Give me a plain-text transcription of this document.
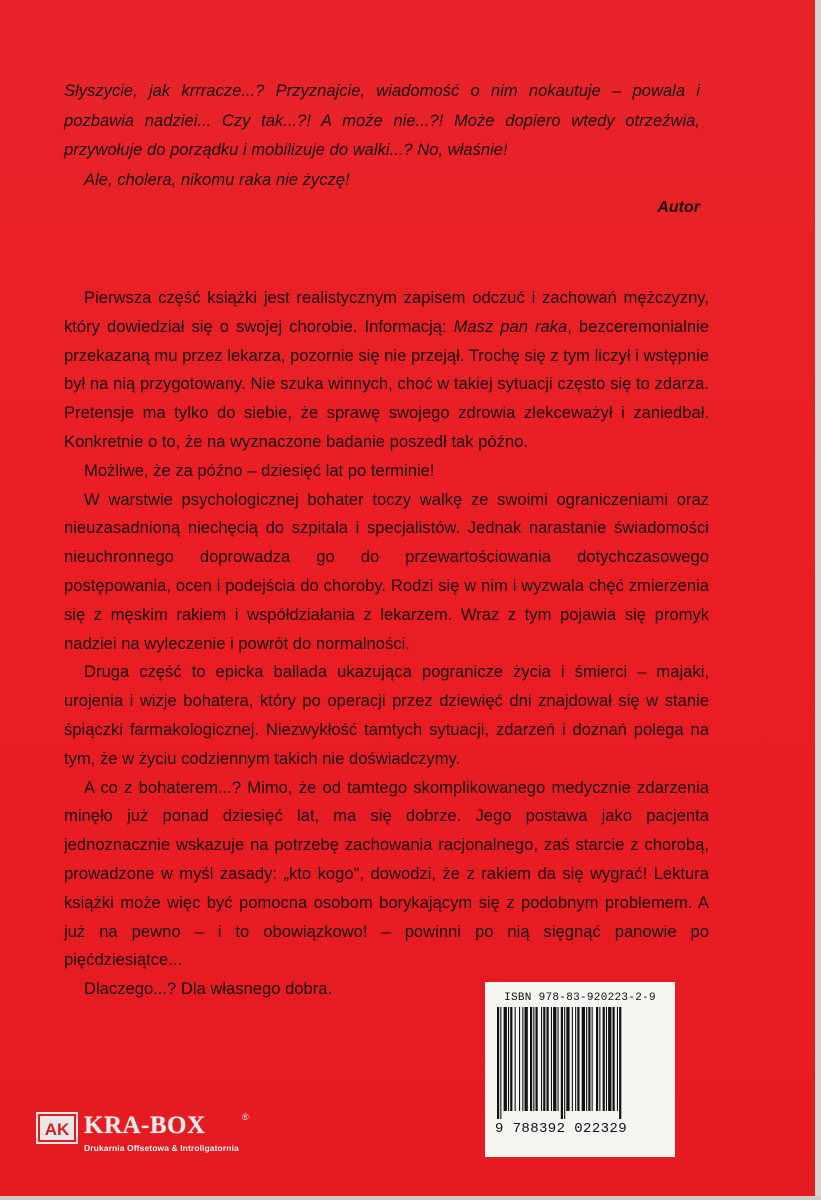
Słyszycie, jak krrracze...? Przyznajcie, wiadomość o nim nokautuje – powala i pozbawia nadziei... Czy tak...?! A może nie...?! Może dopiero wtedy otrzeźwia, przywołuje do porządku i mobilizuje do walki...? No, właśnie!

Ale, cholera, nikomu raka nie życzę!

Autor

Pierwsza część książki jest realistycznym zapisem odczuć i zachowań mężczyzny, który dowiedział się o swojej chorobie. Informacją: Masz pan raka, bezceremonialnie przekazaną mu przez lekarza, pozornie się nie przejął. Trochę się z tym liczył i wstępnie był na nią przygotowany. Nie szuka winnych, choć w takiej sytuacji często się to zdarza. Pretensje ma tylko do siebie, że sprawę swojego zdrowia zlekceważył i zaniedbał. Konkretnie o to, że na wyznaczone badanie poszedł tak późno.

Możliwe, że za późno – dziesięć lat po terminie!

W warstwie psychologicznej bohater toczy walkę ze swoimi ograniczeniami oraz nieuzasadnioną niechęcią do szpitala i specjalistów. Jednak narastanie świadomości nieuchronnego doprowadza go do przewartościowania dotychczasowego postępowania, ocen i podejścia do choroby. Rodzi się w nim i wyzwala chęć zmierzenia się z męskim rakiem i współdziałania z lekarzem. Wraz z tym pojawia się promyk nadziei na wyleczenie i powrót do normalności.

Druga część to epicka ballada ukazująca pogranicze życia i śmierci – majaki, urojenia i wizje bohatera, który po operacji przez dziewięć dni znajdował się w stanie śpiączki farmakologicznej. Niezwykłość tamtych sytuacji, zdarzeń i doznań polega na tym, że w życiu codziennym takich nie doświadczymy.

A co z bohaterem...? Mimo, że od tamtego skomplikowanego medycznie zdarzenia minęło już ponad dziesięć lat, ma się dobrze. Jego postawa jako pacjenta jednoznacznie wskazuje na potrzebę zachowania racjonalnego, zaś starcie z chorobą, prowadzone w myśl zasady: „kto kogo", dowodzi, że z rakiem da się wygrać! Lektura książki może więc być pomocna osobom borykającym się z podobnym problemem. A już na pewno – i to obowiązkowo! – powinni po nią sięgnąć panowie po pięćdziesiątce...

Dlaczego...? Dla własnego dobra.	ISBN 978-83-920223-2-9
9 788392 022329
AK KRA-BOX	®
Drukarnia Offsetowa & Introligatornia
